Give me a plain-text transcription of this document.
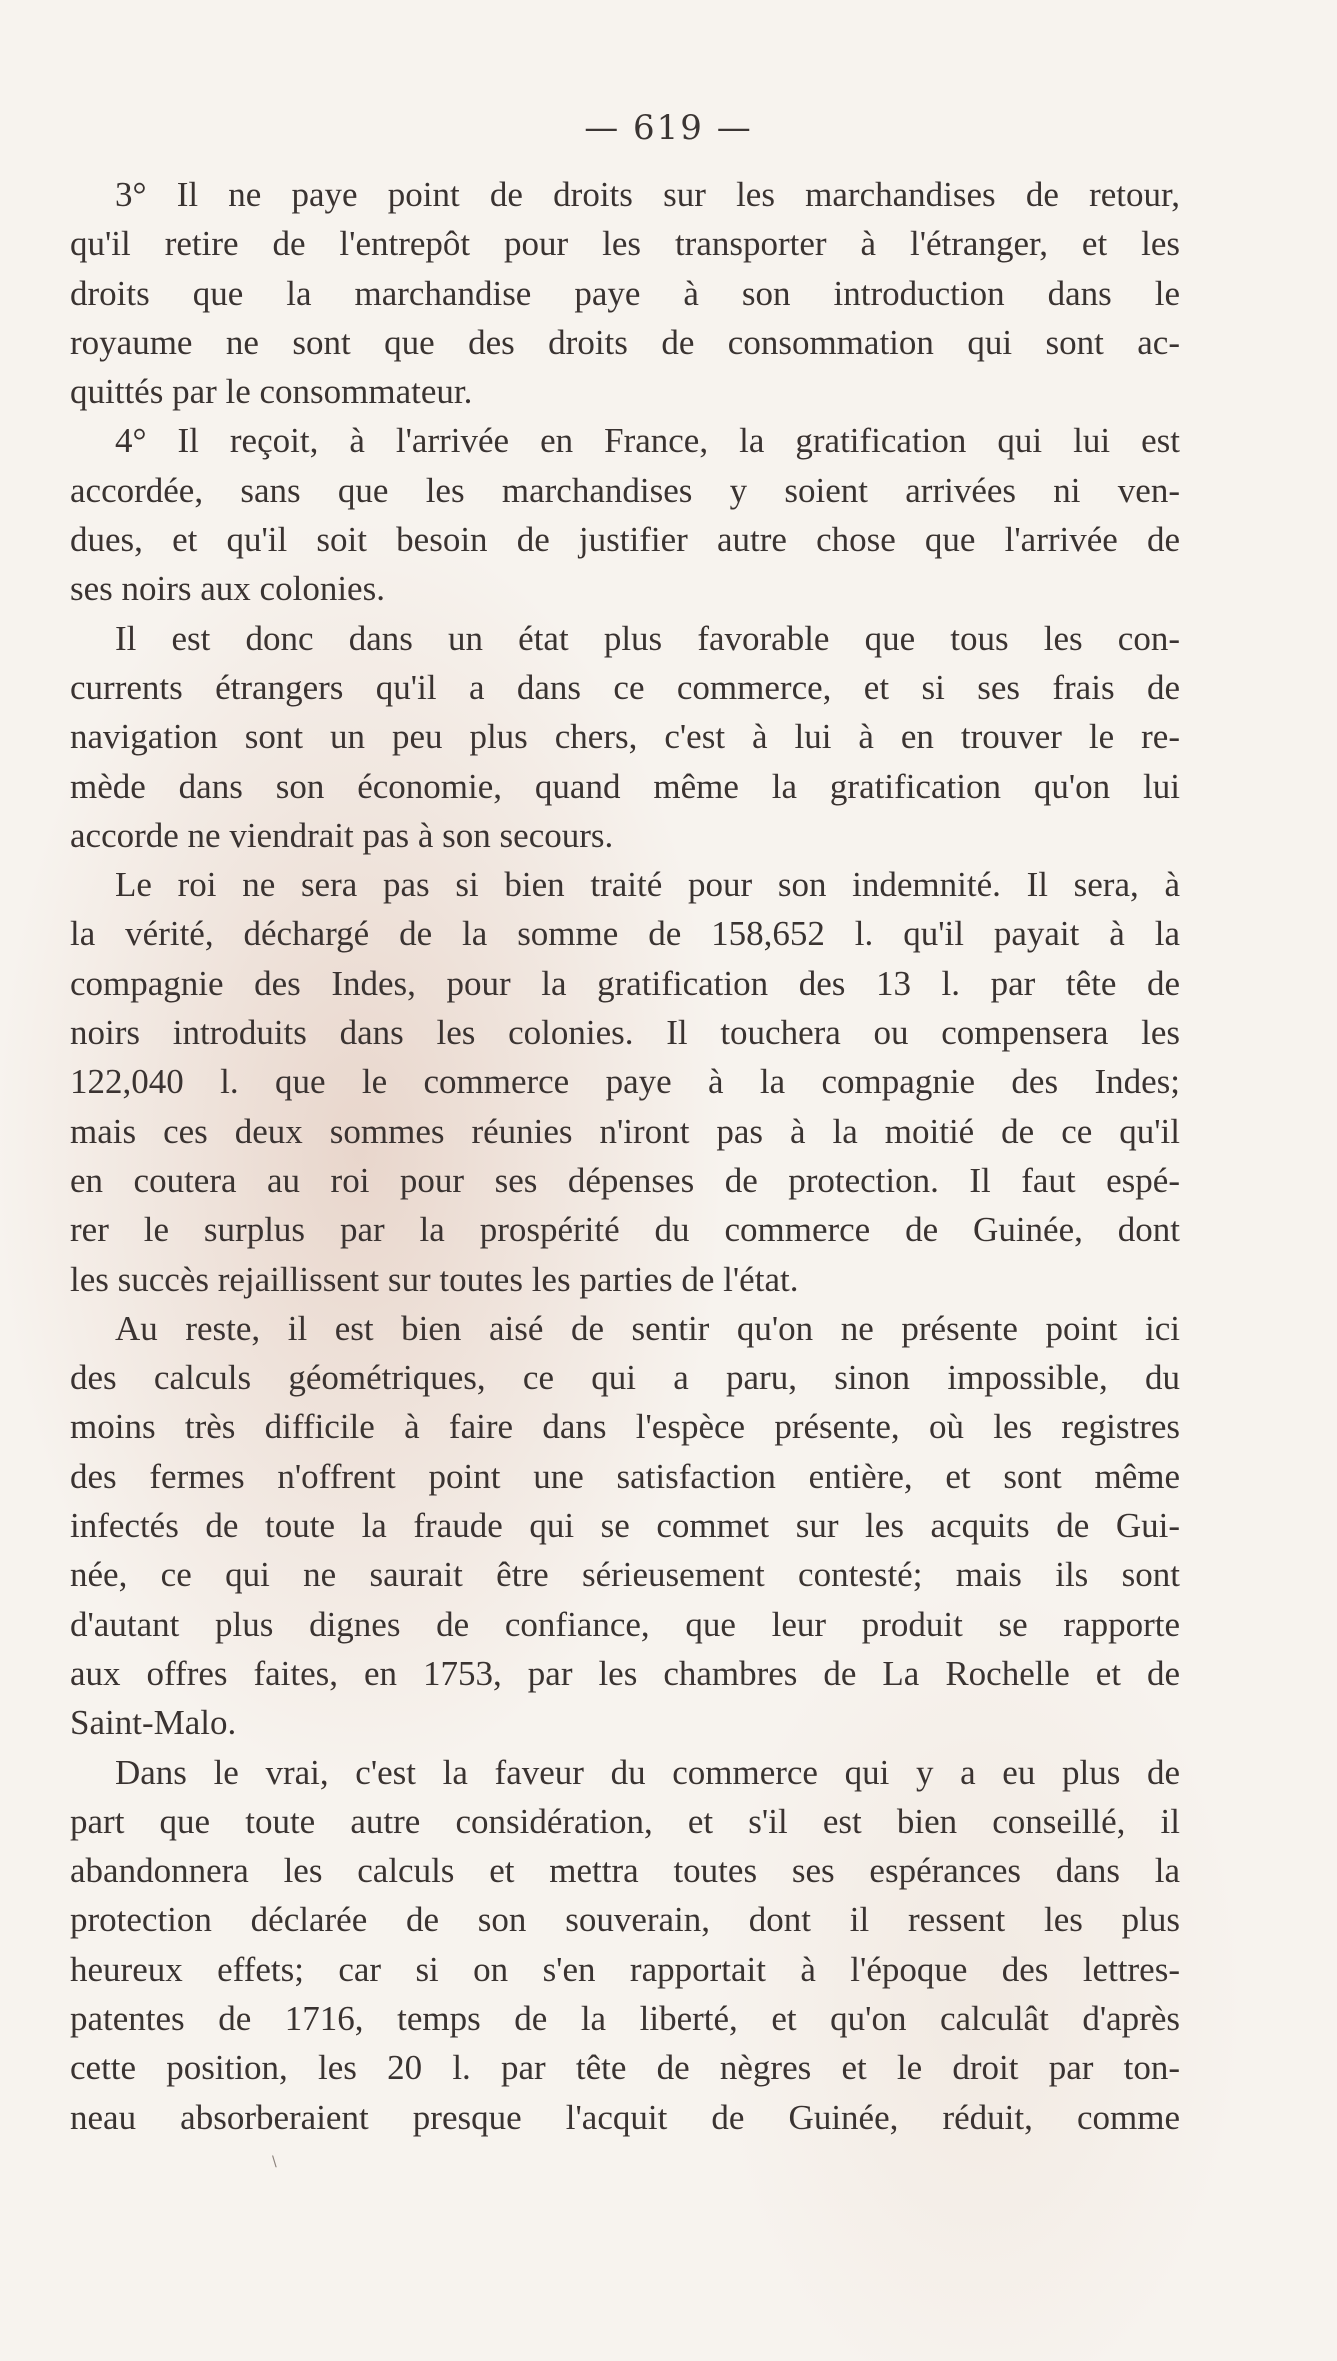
— 619 —
3° Il ne paye point de droits sur les marchandises de retour,
qu'il retire de l'entrepôt pour les transporter à l'étranger, et les
droits que la marchandise paye à son introduction dans le
royaume ne sont que des droits de consommation qui sont ac-
quittés par le consommateur.
4° Il reçoit, à l'arrivée en France, la gratification qui lui est
accordée, sans que les marchandises y soient arrivées ni ven-
dues, et qu'il soit besoin de justifier autre chose que l'arrivée de
ses noirs aux colonies.
Il est donc dans un état plus favorable que tous les con-
currents étrangers qu'il a dans ce commerce, et si ses frais de
navigation sont un peu plus chers, c'est à lui à en trouver le re-
mède dans son économie, quand même la gratification qu'on lui
accorde ne viendrait pas à son secours.
Le roi ne sera pas si bien traité pour son indemnité. Il sera, à
la vérité, déchargé de la somme de 158,652 l. qu'il payait à la
compagnie des Indes, pour la gratification des 13 l. par tête de
noirs introduits dans les colonies. Il touchera ou compensera les
122,040 l. que le commerce paye à la compagnie des Indes;
mais ces deux sommes réunies n'iront pas à la moitié de ce qu'il
en coutera au roi pour ses dépenses de protection. Il faut espé-
rer le surplus par la prospérité du commerce de Guinée, dont
les succès rejaillissent sur toutes les parties de l'état.
Au reste, il est bien aisé de sentir qu'on ne présente point ici
des calculs géométriques, ce qui a paru, sinon impossible, du
moins très difficile à faire dans l'espèce présente, où les registres
des fermes n'offrent point une satisfaction entière, et sont même
infectés de toute la fraude qui se commet sur les acquits de Gui-
née, ce qui ne saurait être sérieusement contesté; mais ils sont
d'autant plus dignes de confiance, que leur produit se rapporte
aux offres faites, en 1753, par les chambres de La Rochelle et de
Saint-Malo.
Dans le vrai, c'est la faveur du commerce qui y a eu plus de
part que toute autre considération, et s'il est bien conseillé, il
abandonnera les calculs et mettra toutes ses espérances dans la
protection déclarée de son souverain, dont il ressent les plus
heureux effets; car si on s'en rapportait à l'époque des lettres-
patentes de 1716, temps de la liberté, et qu'on calculât d'après
cette position, les 20 l. par tête de nègres et le droit par ton-
neau absorberaient presque l'acquit de Guinée, réduit, comme
\
